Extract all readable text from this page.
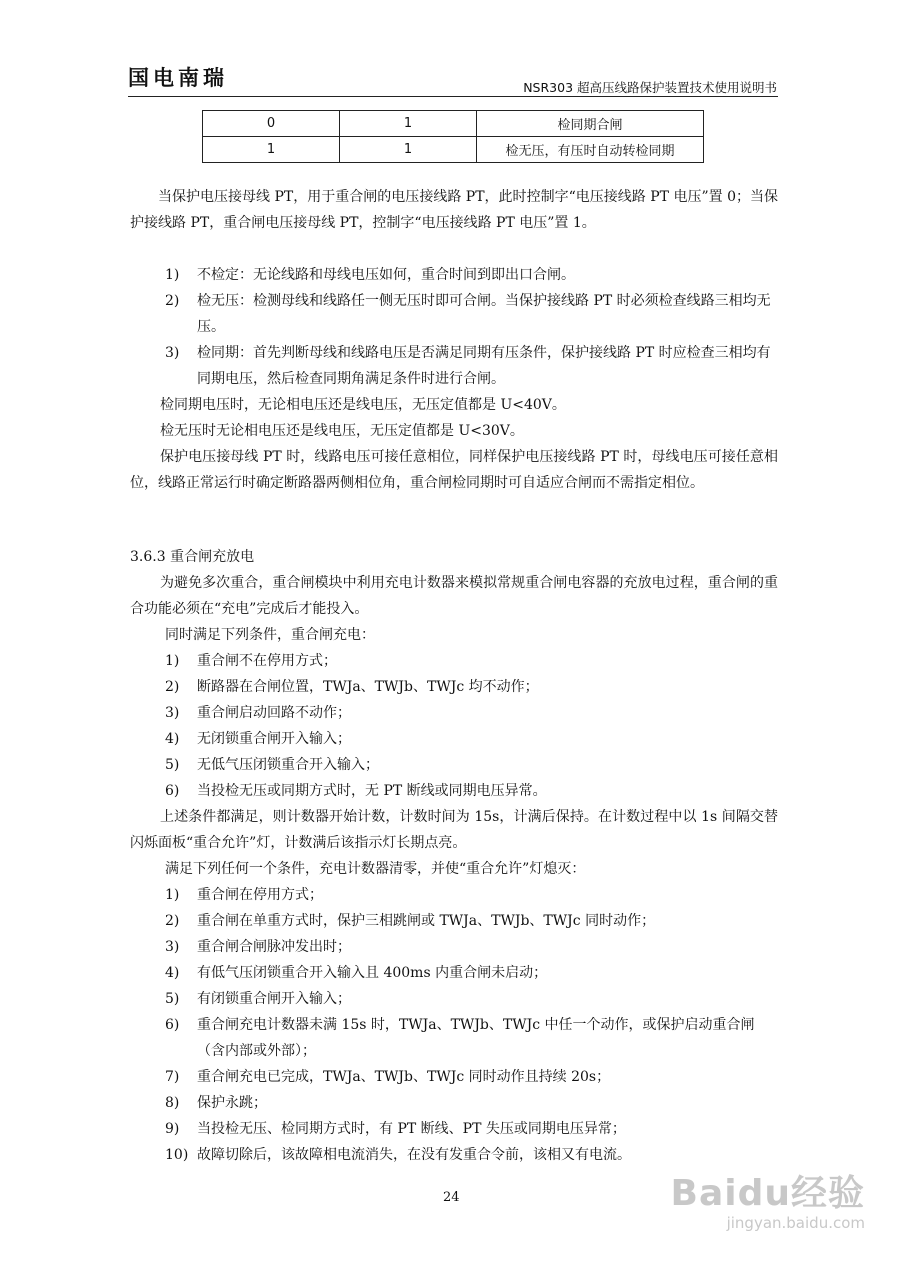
国电南瑞	NSR303 超高压线路保护装置技术使用说明书
0	1	检同期合闸
1	1	检无压，有压时自动转检同期
当保护电压接母线 PT，用于重合闸的电压接线路 PT，此时控制字“电压接线路 PT 电压”置 0；当保护接线路 PT，重合闸电压接母线 PT，控制字“电压接线路 PT 电压”置 1。
1) 不检定：无论线路和母线电压如何，重合时间到即出口合闸。
2) 检无压：检测母线和线路任一侧无压时即可合闸。当保护接线路 PT 时必须检查线路三相均无压。
3) 检同期：首先判断母线和线路电压是否满足同期有压条件，保护接线路 PT 时应检查三相均有同期电压，然后检查同期角满足条件时进行合闸。
检同期电压时，无论相电压还是线电压，无压定值都是 U<40V。
检无压时无论相电压还是线电压，无压定值都是 U<30V。
保护电压接母线 PT 时，线路电压可接任意相位，同样保护电压接线路 PT 时，母线电压可接任意相位，线路正常运行时确定断路器两侧相位角，重合闸检同期时可自适应合闸而不需指定相位。
3.6.3 重合闸充放电
为避免多次重合，重合闸模块中利用充电计数器来模拟常规重合闸电容器的充放电过程，重合闸的重合功能必须在“充电”完成后才能投入。
同时满足下列条件，重合闸充电：
1) 重合闸不在停用方式；
2) 断路器在合闸位置，TWJa、TWJb、TWJc 均不动作；
3) 重合闸启动回路不动作；
4) 无闭锁重合闸开入输入；
5) 无低气压闭锁重合开入输入；
6) 当投检无压或同期方式时，无 PT 断线或同期电压异常。
上述条件都满足，则计数器开始计数，计数时间为 15s，计满后保持。在计数过程中以 1s 间隔交替闪烁面板“重合允许”灯，计数满后该指示灯长期点亮。
满足下列任何一个条件，充电计数器清零，并使“重合允许”灯熄灭：
1) 重合闸在停用方式；
2) 重合闸在单重方式时，保护三相跳闸或 TWJa、TWJb、TWJc 同时动作；
3) 重合闸合闸脉冲发出时；
4) 有低气压闭锁重合开入输入且 400ms 内重合闸未启动；
5) 有闭锁重合闸开入输入；
6) 重合闸充电计数器未满 15s 时，TWJa、TWJb、TWJc 中任一个动作，或保护启动重合闸（含内部或外部）；
7) 重合闸充电已完成，TWJa、TWJb、TWJc 同时动作且持续 20s；
8) 保护永跳；
9) 当投检无压、检同期方式时，有 PT 断线、PT 失压或同期电压异常；
10) 故障切除后，该故障相电流消失，在没有发重合令前，该相又有电流。
24	Baidu经验
jingyan.baidu.com
